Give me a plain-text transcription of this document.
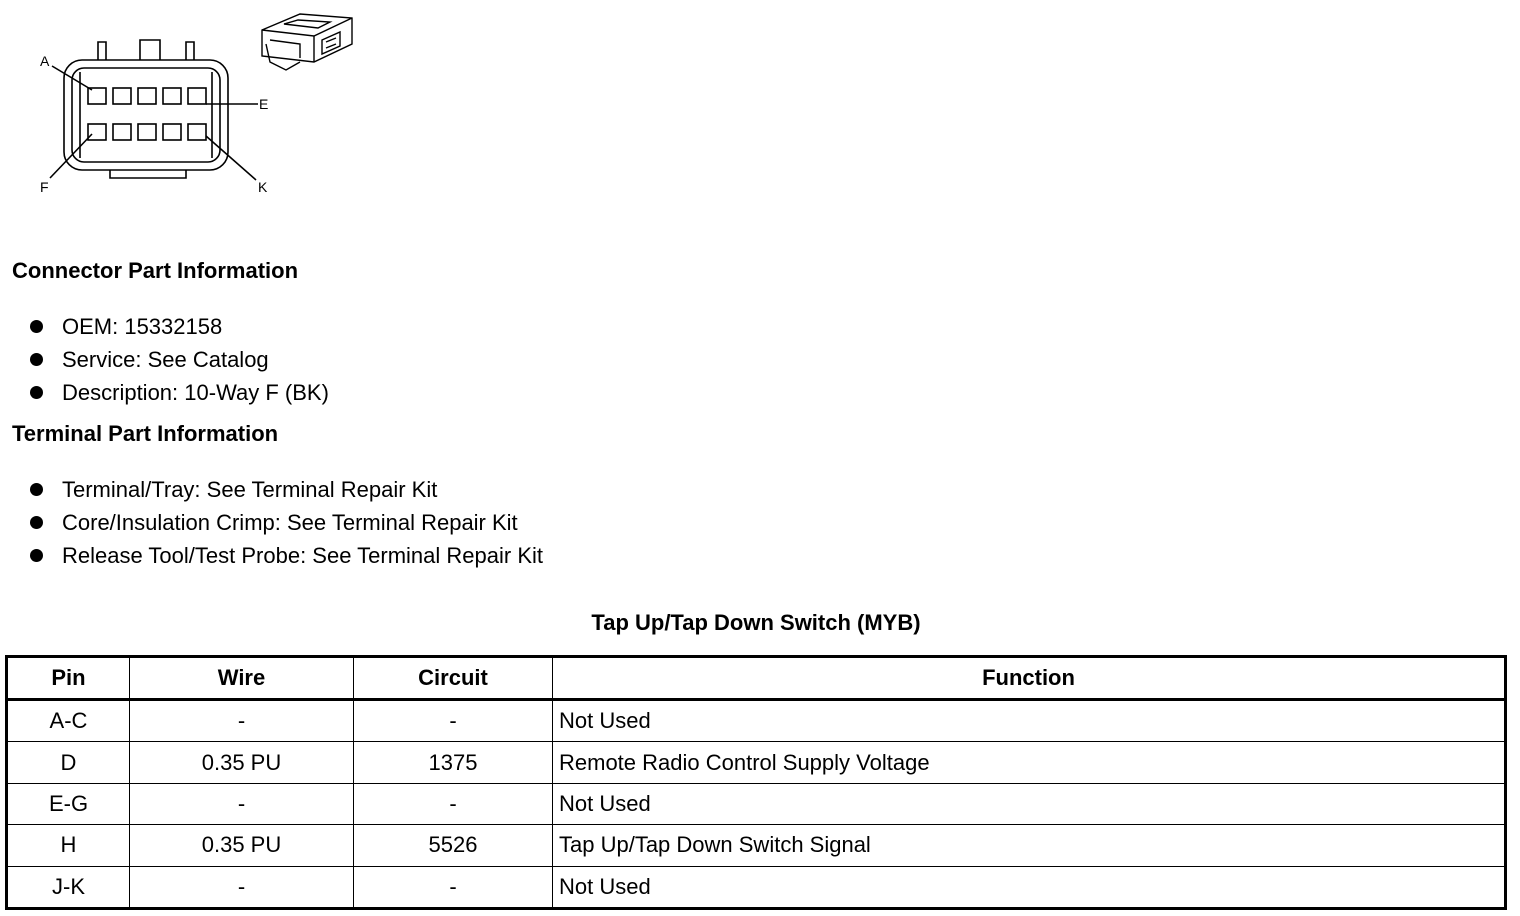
A
E
F	K
Connector Part Information
OEM: 15332158
Service: See Catalog
Description: 10-Way F (BK)
Terminal Part Information
Terminal/Tray: See Terminal Repair Kit
Core/Insulation Crimp: See Terminal Repair Kit
Release Tool/Test Probe: See Terminal Repair Kit
Tap Up/Tap Down Switch (MYB)
Pin	Wire	Circuit	Function
A-C	-	-	Not Used
D	0.35 PU	1375	Remote Radio Control Supply Voltage
E-G	-	-	Not Used
H	0.35 PU	5526	Tap Up/Tap Down Switch Signal
J-K	-	-	Not Used
